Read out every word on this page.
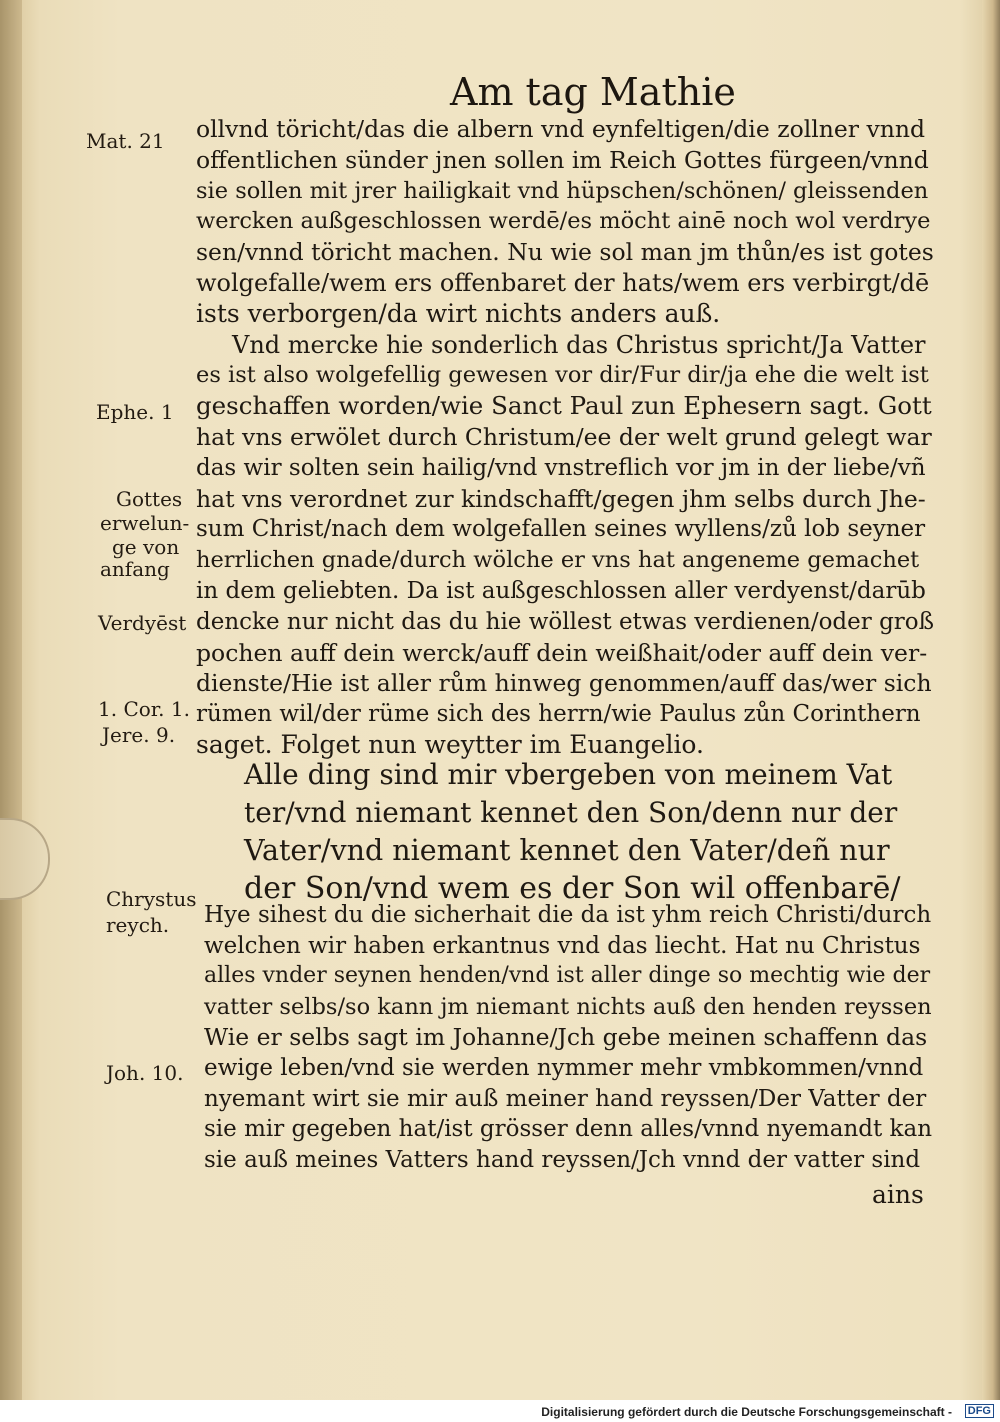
Am tag Mathie
ollvnd töricht/das die albern vnd eynfeltigen/die zollner vnnd
offentlichen sünder jnen sollen im Reich Gottes fürgeen/vnnd
sie sollen mit jrer hailigkait vnd hüpschen/schönen/ gleissenden
wercken außgeschlossen werdē/es möcht ainē noch wol verdrye
sen/vnnd töricht machen. Nu wie sol man jm thůn/es ist gotes
wolgefalle/wem ers offenbaret der hats/wem ers verbirgt/dē
ists verborgen/da wirt nichts anders auß.
Vnd mercke hie sonderlich das Christus spricht/Ja Vatter
es ist also wolgefellig gewesen vor dir/Fur dir/ja ehe die welt ist
geschaffen worden/wie Sanct Paul zun Ephesern sagt. Gott
hat vns erwölet durch Christum/ee der welt grund gelegt war
das wir solten sein hailig/vnd vnstreflich vor jm in der liebe/vñ
hat vns verordnet zur kindschafft/gegen jhm selbs durch Jhe-
sum Christ/nach dem wolgefallen seines wyllens/zů lob seyner
herrlichen gnade/durch wölche er vns hat angeneme gemachet
in dem geliebten. Da ist außgeschlossen aller verdyenst/darūb
dencke nur nicht das du hie wöllest etwas verdienen/oder groß
pochen auff dein werck/auff dein weißhait/oder auff dein ver-
dienste/Hie ist aller rům hinweg genommen/auff das/wer sich
rümen wil/der rüme sich des herrn/wie Paulus zůn Corinthern
saget. Folget nun weytter im Euangelio.
Alle ding sind mir vbergeben von meinem Vat
ter/vnd niemant kennet den Son/denn nur der
Vater/vnd niemant kennet den Vater/deñ nur
der Son/vnd wem es der Son wil offenbarē/
Hye sihest du die sicherhait die da ist yhm reich Christi/durch
welchen wir haben erkantnus vnd das liecht. Hat nu Christus
alles vnder seynen henden/vnd ist aller dinge so mechtig wie der
vatter selbs/so kann jm niemant nichts auß den henden reyssen
Wie er selbs sagt im Johanne/Jch gebe meinen schaffenn das
ewige leben/vnd sie werden nymmer mehr vmbkommen/vnnd
nyemant wirt sie mir auß meiner hand reyssen/Der Vatter der
sie mir gegeben hat/ist grösser denn alles/vnnd nyemandt kan
sie auß meines Vatters hand reyssen/Jch vnnd der vatter sind
Mat. 21
Ephe. 1
Gottes
erwelun-
ge von
anfang
Verdyēst
1. Cor. 1.
Jere. 9.
Chrystus
reych.
Joh. 10.
ains
Digitalisierung gefördert durch die Deutsche Forschungsgemeinschaft - DFG
